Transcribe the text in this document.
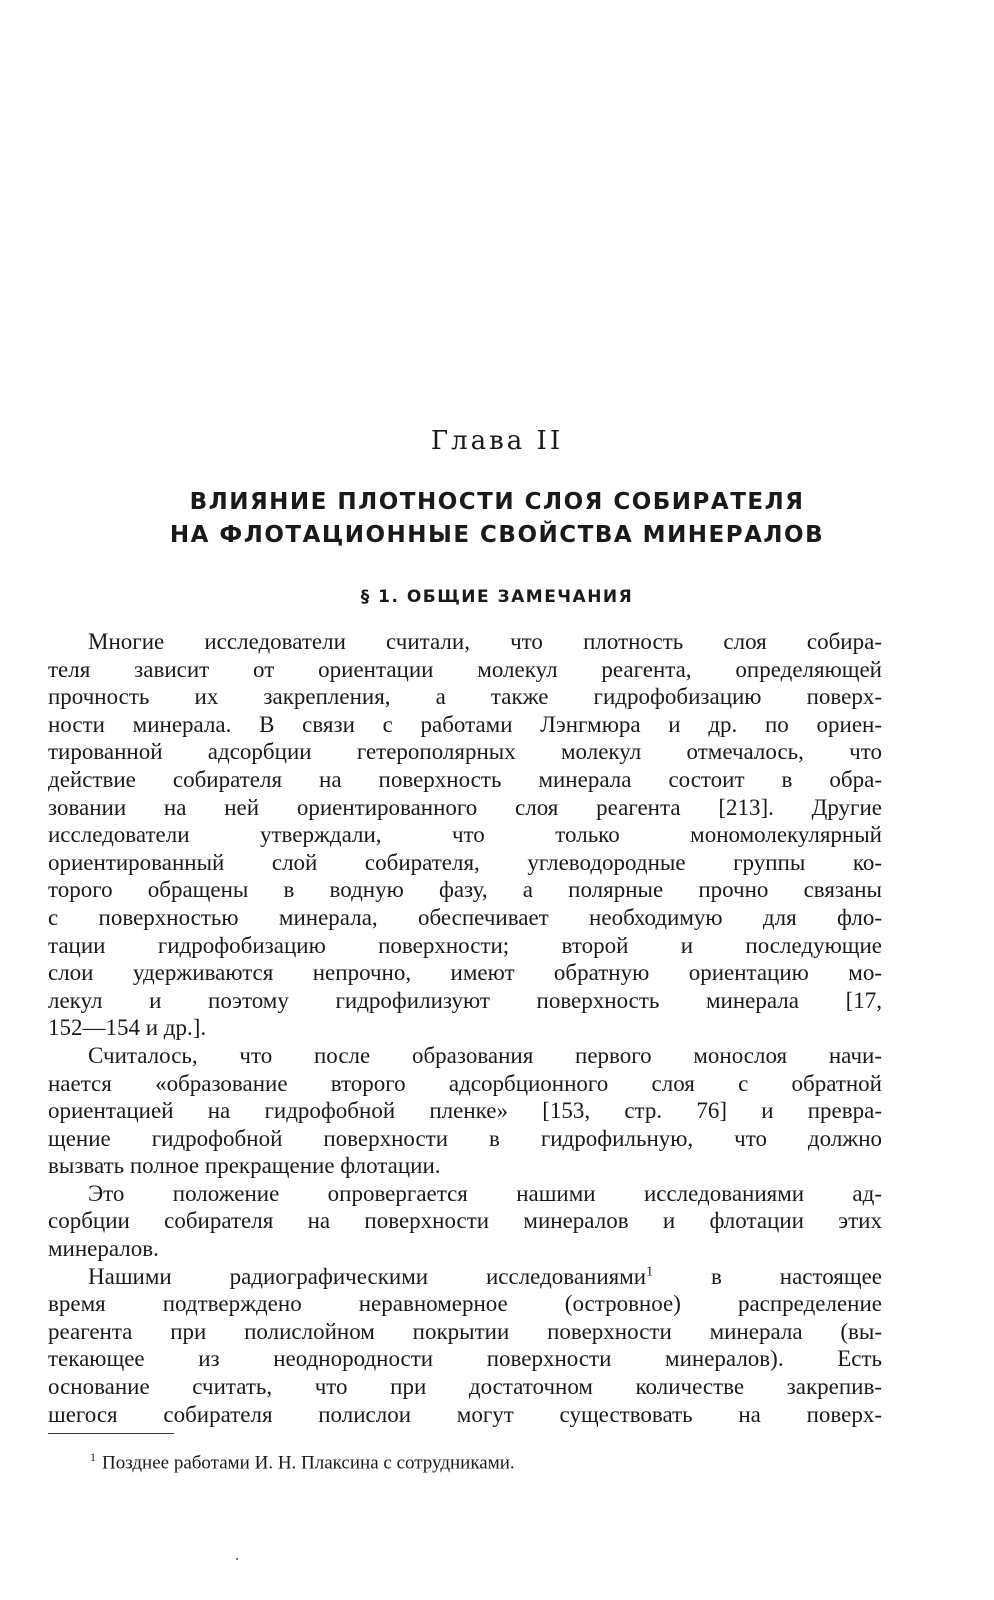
Глава II
ВЛИЯНИЕ ПЛОТНОСТИ СЛОЯ СОБИРАТЕЛЯ
НА ФЛОТАЦИОННЫЕ СВОЙСТВА МИНЕРАЛОВ
§ 1. ОБЩИЕ ЗАМЕЧАНИЯ
Многие исследователи считали, что плотность слоя собира-
теля зависит от ориентации молекул реагента, определяющей
прочность их закрепления, а также гидрофобизацию поверх-
ности минерала. В связи с работами Лэнгмюра и др. по ориен-
тированной адсорбции гетерополярных молекул отмечалось, что
действие собирателя на поверхность минерала состоит в обра-
зовании на ней ориентированного слоя реагента [213]. Другие
исследователи утверждали, что только мономолекулярный
ориентированный слой собирателя, углеводородные группы ко-
торого обращены в водную фазу, а полярные прочно связаны
с поверхностью минерала, обеспечивает необходимую для фло-
тации гидрофобизацию поверхности; второй и последующие
слои удерживаются непрочно, имеют обратную ориентацию мо-
лекул и поэтому гидрофилизуют поверхность минерала [17,
152—154 и др.].
Считалось, что после образования первого монослоя начи-
нается «образование второго адсорбционного слоя с обратной
ориентацией на гидрофобной пленке» [153, стр. 76] и превра-
щение гидрофобной поверхности в гидрофильную, что должно
вызвать полное прекращение флотации.
Это положение опровергается нашими исследованиями ад-
сорбции собирателя на поверхности минералов и флотации этих
минералов.
Нашими радиографическими исследованиями$^1$	в настоящее
время подтверждено неравномерное (островное) распределение
реагента при полислойном покрытии поверхности минерала (вы-
текающее из неоднородности поверхности минералов). Есть
основание считать, что при достаточном количестве закрепив-
шегося собирателя полислои могут существовать на поверх-
$^1$ Позднее работами И. Н. Плаксина с сотрудниками.
